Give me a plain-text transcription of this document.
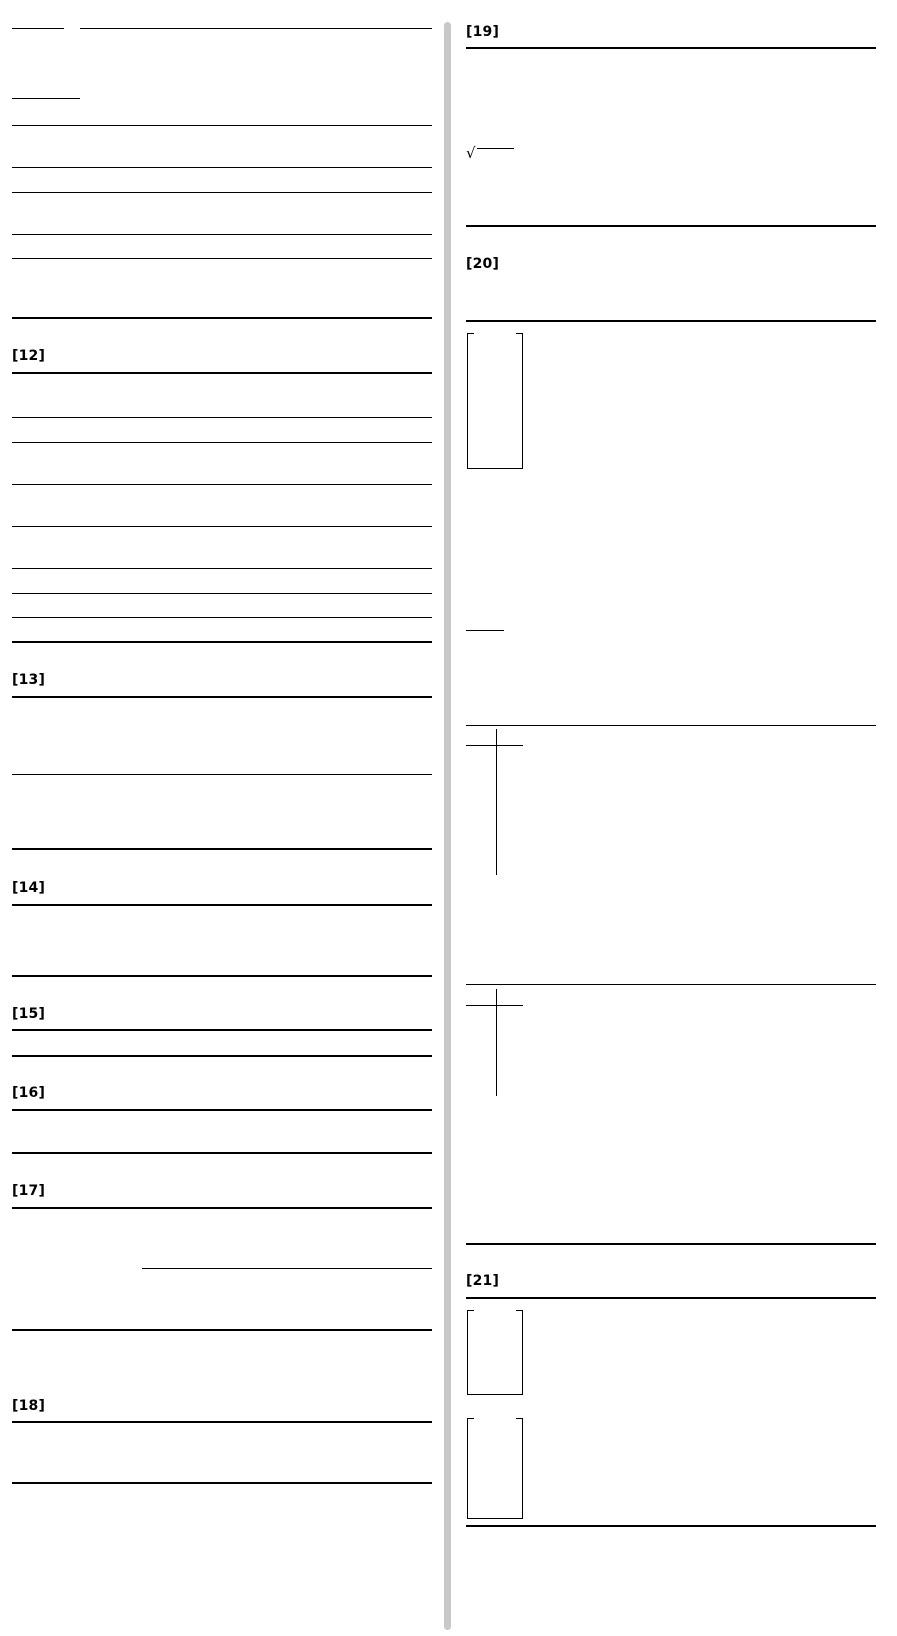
[12]
[13]
[14]
[15]
[16]
[17]
[18]
[19]
√
[20]
[21]
